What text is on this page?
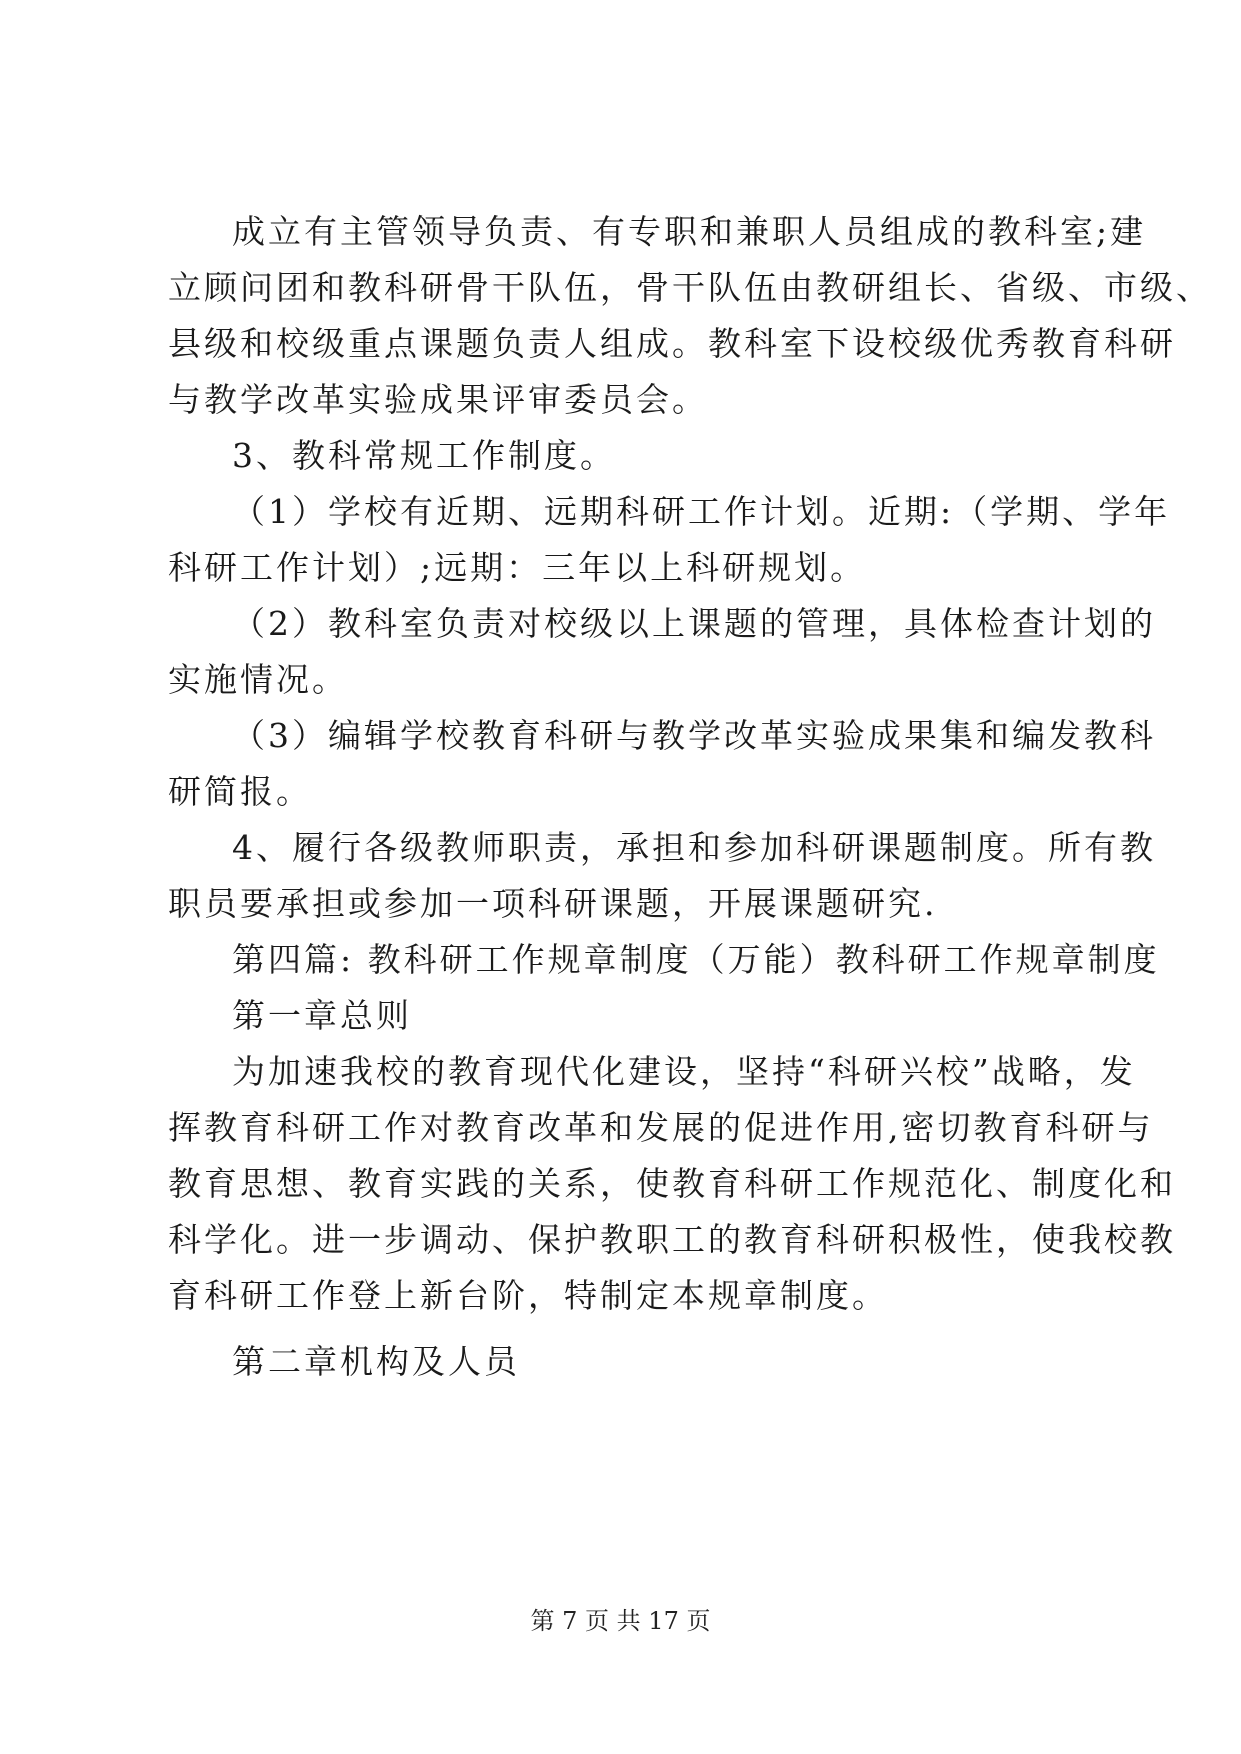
成立有主管领导负责、有专职和兼职人员组成的教科室;建
立顾问团和教科研骨干队伍，骨干队伍由教研组长、省级、市级、
县级和校级重点课题负责人组成。教科室下设校级优秀教育科研
与教学改革实验成果评审委员会。
3、教科常规工作制度。
（1）学校有近期、远期科研工作计划。近期:（学期、学年
科研工作计划）;远期：三年以上科研规划。
（2）教科室负责对校级以上课题的管理，具体检查计划的
实施情况。
（3）编辑学校教育科研与教学改革实验成果集和编发教科
研简报。
4、履行各级教师职责，承担和参加科研课题制度。所有教
职员要承担或参加一项科研课题，开展课题研究.
第四篇: 教科研工作规章制度（万能）教科研工作规章制度
第一章总则
为加速我校的教育现代化建设，坚持“科研兴校”战略，发
挥教育科研工作对教育改革和发展的促进作用,密切教育科研与
教育思想、教育实践的关系，使教育科研工作规范化、制度化和
科学化。进一步调动、保护教职工的教育科研积极性，使我校教
育科研工作登上新台阶，特制定本规章制度。
第二章机构及人员
第 7 页 共 17 页
